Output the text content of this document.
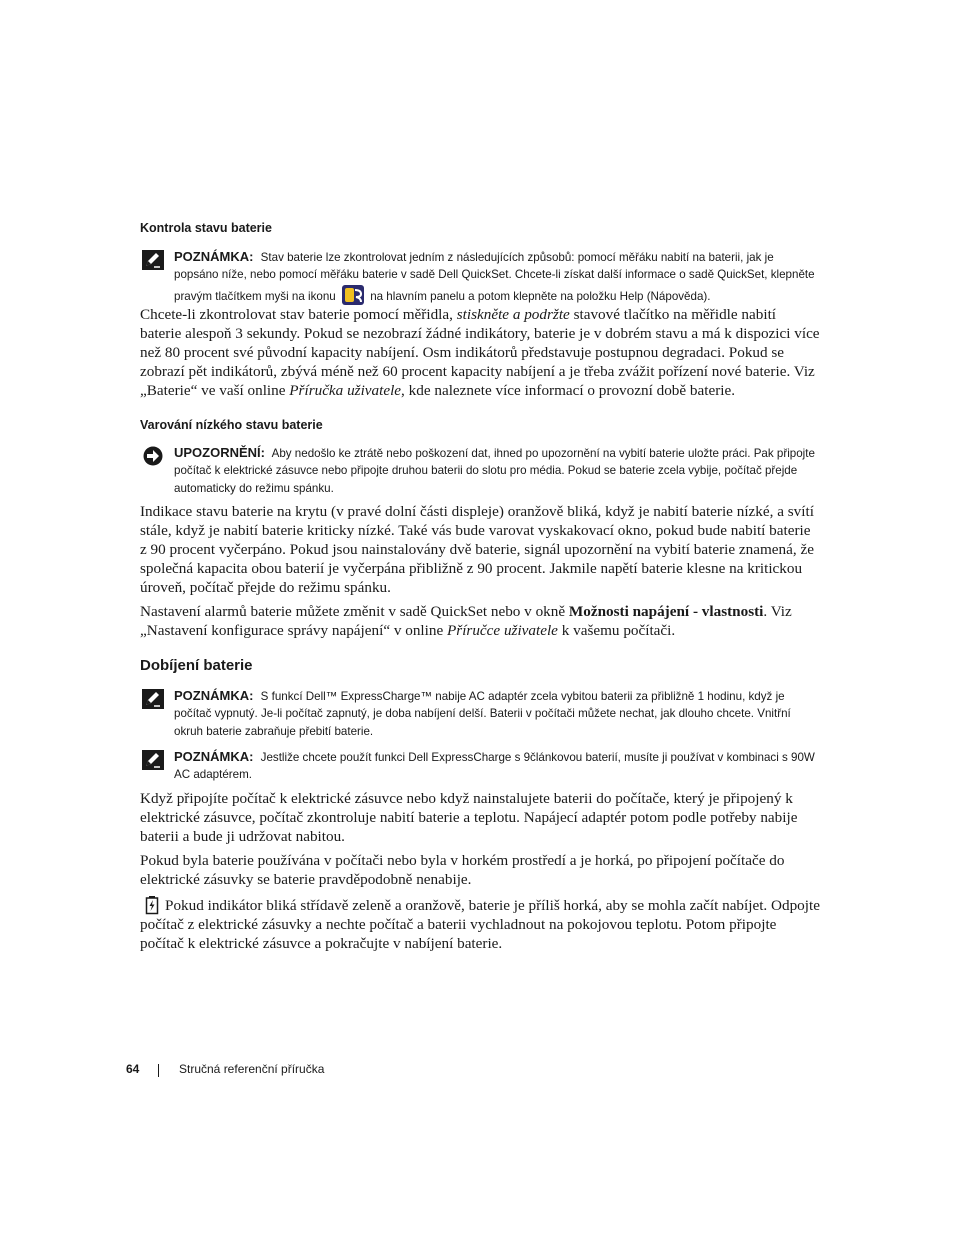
Kontrola stavu baterie
POZNÁMKA: Stav baterie lze zkontrolovat jedním z následujících způsobů: pomocí měřáku nabití na baterii, jak je popsáno níže, nebo pomocí měřáku baterie v sadě Dell QuickSet. Chcete-li získat další informace o sadě QuickSet, klepněte pravým tlačítkem myši na ikonu	na hlavním panelu a potom klepněte na položku Help (Nápověda).

Chcete-li zkontrolovat stav baterie pomocí měřidla, stiskněte a podržte stavové tlačítko na měřidle nabití baterie alespoň 3 sekundy. Pokud se nezobrazí žádné indikátory, baterie je v dobrém stavu a má k dispozici více než 80 procent své původní kapacity nabíjení. Osm indikátorů představuje postupnou degradaci. Pokud se zobrazí pět indikátorů, zbývá méně než 60 procent kapacity nabíjení a je třeba zvážit pořízení nové baterie. Viz „Baterie“ ve vaší online Příručka uživatele, kde naleznete více informací o provozní době baterie.

Varování nízkého stavu baterie
UPOZORNĚNÍ: Aby nedošlo ke ztrátě nebo poškození dat, ihned po upozornění na vybití baterie uložte práci. Pak připojte počítač k elektrické zásuvce nebo připojte druhou baterii do slotu pro média. Pokud se baterie zcela vybije, počítač přejde automaticky do režimu spánku.

Indikace stavu baterie na krytu (v pravé dolní části displeje) oranžově bliká, když je nabití baterie nízké, a svítí stále, když je nabití baterie kriticky nízké. Také vás bude varovat vyskakovací okno, pokud bude nabití baterie z 90 procent vyčerpáno. Pokud jsou nainstalovány dvě baterie, signál upozornění na vybití baterie znamená, že společná kapacita obou baterií je vyčerpána přibližně z 90 procent. Jakmile napětí baterie klesne na kritickou úroveň, počítač přejde do režimu spánku.

Nastavení alarmů baterie můžete změnit v sadě QuickSet nebo v okně Možnosti napájení - vlastnosti. Viz „Nastavení konfigurace správy napájení“ v online Příručce uživatele k vašemu počítači.

Dobíjení baterie
POZNÁMKA: S funkcí Dell™ ExpressCharge™ nabije AC adaptér zcela vybitou baterii za přibližně 1 hodinu, když je počítač vypnutý. Je-li počítač zapnutý, je doba nabíjení delší. Baterii v počítači můžete nechat, jak dlouho chcete. Vnitřní okruh baterie zabraňuje přebití baterie.
POZNÁMKA: Jestliže chcete použít funkci Dell ExpressCharge s 9článkovou baterií, musíte ji používat v kombinaci s 90W AC adaptérem.

Když připojíte počítač k elektrické zásuvce nebo když nainstalujete baterii do počítače, který je připojený k elektrické zásuvce, počítač zkontroluje nabití baterie a teplotu. Napájecí adaptér potom podle potřeby nabije baterii a bude ji udržovat nabitou.

Pokud byla baterie používána v počítači nebo byla v horkém prostředí a je horká, po připojení počítače do elektrické zásuvky se baterie pravděpodobně nenabije.

Pokud indikátor bliká střídavě zeleně a oranžově, baterie je příliš horká, aby se mohla začít nabíjet. Odpojte počítač z elektrické zásuvky a nechte počítač a baterii vychladnout na pokojovou teplotu. Potom připojte počítač k elektrické zásuvce a pokračujte v nabíjení baterie.

64	Stručná referenční příručka
